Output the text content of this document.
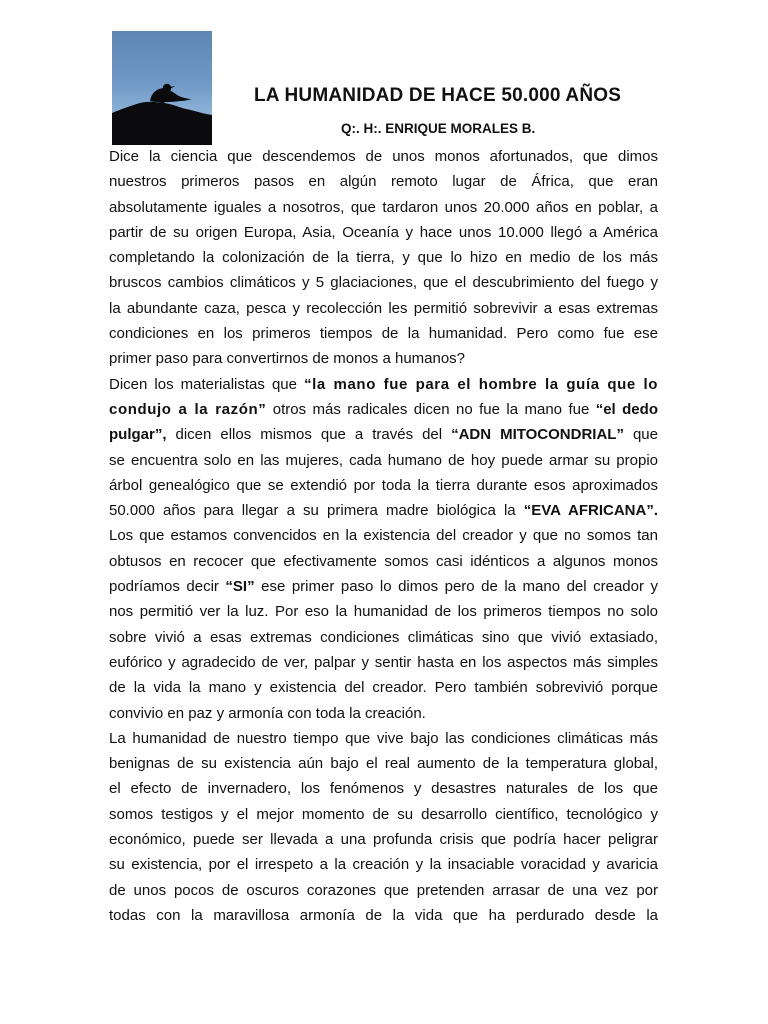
LA HUMANIDAD DE HACE 50.000 AÑOS
Q:. H:. ENRIQUE MORALES B.
Dice la ciencia que descendemos de unos monos afortunados, que dimos
nuestros primeros pasos en algún remoto lugar de África, que eran
absolutamente iguales a nosotros, que tardaron unos 20.000 años en poblar, a
partir de su origen Europa, Asia, Oceanía y hace unos 10.000 llegó a América
completando la colonización de la tierra, y que lo hizo en medio de los más
bruscos cambios climáticos y 5 glaciaciones, que el descubrimiento del fuego y
la abundante caza, pesca y recolección les permitió sobrevivir a esas extremas
condiciones en los primeros tiempos de la humanidad. Pero como fue ese
primer paso para convertirnos de monos a humanos?
Dicen los materialistas que “la mano fue para el hombre la guía que lo
condujo a la razón” otros más radicales dicen no fue la mano fue “el dedo
pulgar”, dicen ellos mismos que a través del “ADN MITOCONDRIAL” que
se encuentra solo en las mujeres, cada humano de hoy puede armar su propio
árbol genealógico que se extendió por toda la tierra durante esos aproximados
50.000 años para llegar a su primera madre biológica la “EVA AFRICANA”.
Los que estamos convencidos en la existencia del creador y que no somos tan
obtusos en recocer que efectivamente somos casi idénticos a algunos monos
podríamos decir “SI” ese primer paso lo dimos pero de la mano del creador y
nos permitió ver la luz. Por eso la humanidad de los primeros tiempos no solo
sobre vivió a esas extremas condiciones climáticas sino que vivió extasiado,
eufórico y agradecido de ver, palpar y sentir hasta en los aspectos más simples
de la vida la mano y existencia del creador. Pero también sobrevivió porque
convivio en paz y armonía con toda la creación.
La humanidad de nuestro tiempo que vive bajo las condiciones climáticas más
benignas de su existencia aún bajo el real aumento de la temperatura global,
el efecto de invernadero, los fenómenos y desastres naturales de los que
somos testigos y el mejor momento de su desarrollo científico, tecnológico y
económico, puede ser llevada a una profunda crisis que podría hacer peligrar
su existencia, por el irrespeto a la creación y la insaciable voracidad y avaricia
de unos pocos de oscuros corazones que pretenden arrasar de una vez por
todas con la maravillosa armonía de la vida que ha perdurado desde la
